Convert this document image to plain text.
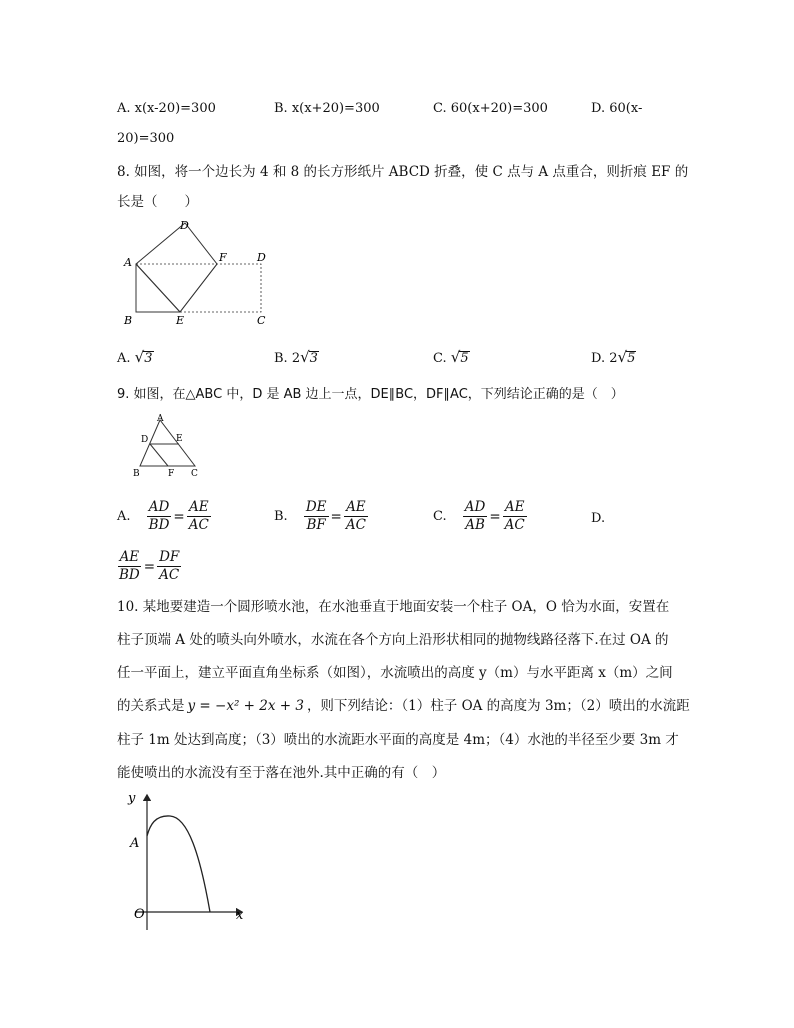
A. x(x-20)=300	B. x(x+20)=300	C. 60(x+20)=300	D. 60(x-
20)=300
8. 如图，将一个边长为 4 和 8 的长方形纸片 ABCD 折叠，使 C 点与 A 点重合，则折痕 EF 的
长是（　　）
A
B	C
D
D
E
F
A. √3	B. 2√3	C. √5	D. 2√5
9. 如图，在△ABC 中，D 是 AB 边上一点，DE∥BC，DF∥AC，下列结论正确的是（　）
A
D	E
B	F C
A. $\frac{AD}{BD} = \frac{AE}{AC}$	B. $\frac{DE}{BF} = \frac{AE}{AC}$	C. $\frac{AD}{AB} = \frac{AE}{AC}$	D.
$\frac{AE}{BD} = \frac{DF}{AC}$
10. 某地要建造一个圆形喷水池，在水池垂直于地面安装一个柱子 OA，O 恰为水面，安置在
柱子顶端 A 处的喷头向外喷水，水流在各个方向上沿形状相同的抛物线路径落下.在过 OA 的
任一平面上，建立平面直角坐标系（如图），水流喷出的高度 y（m）与水平距离 x（m）之间
的关系式是 y = −x² + 2x + 3 ，则下列结论：（1）柱子 OA 的高度为 3m；（2）喷出的水流距
柱子 1m 处达到高度；（3）喷出的水流距水平面的高度是 4m；（4）水池的半径至少要 3m 才
能使喷出的水流没有至于落在池外.其中正确的有（　）
y
A
O	x
